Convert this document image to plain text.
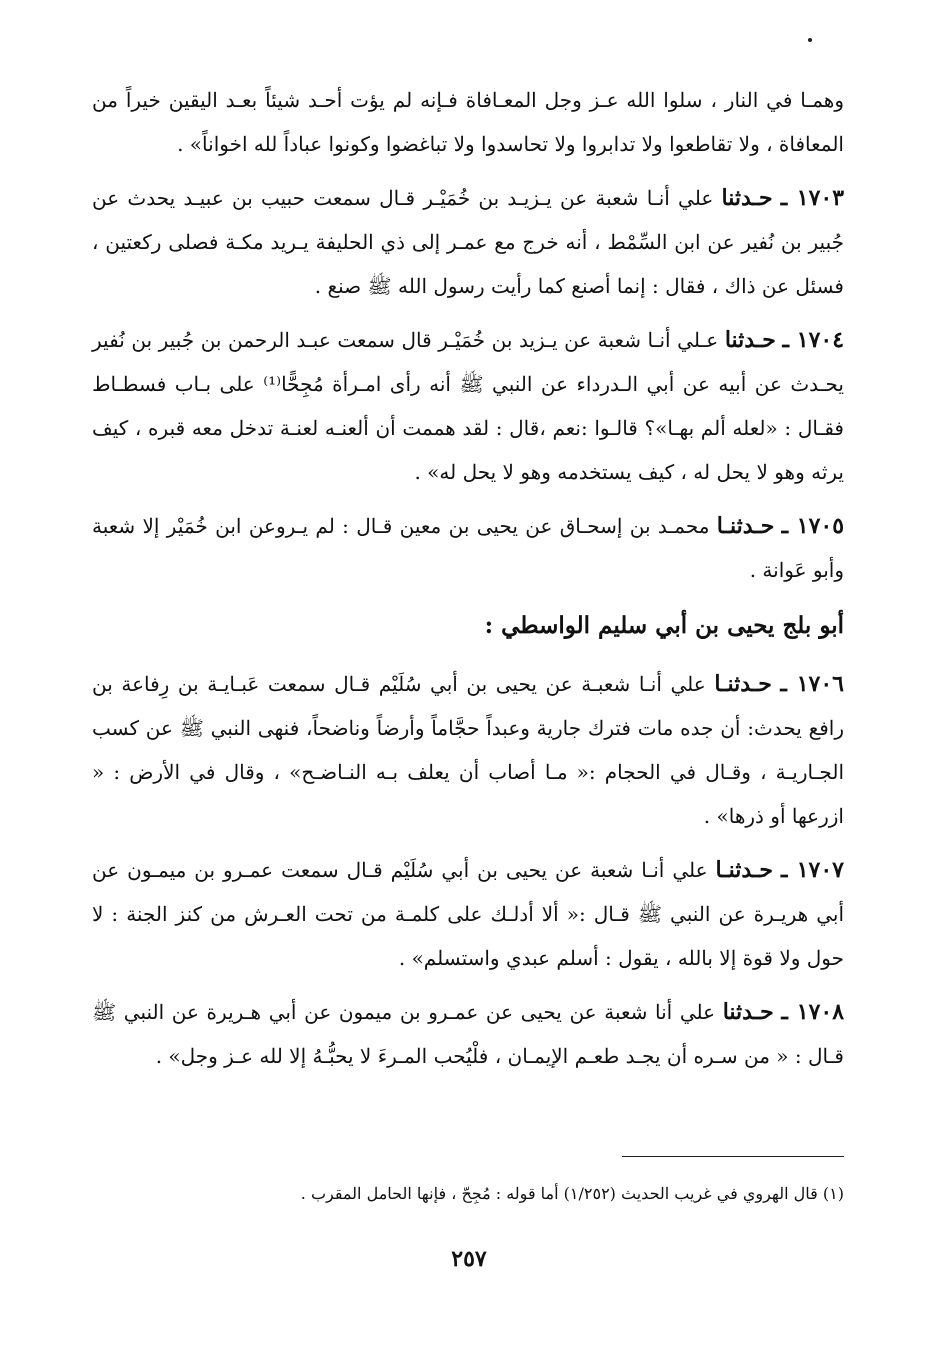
وهمـا في النار ، سلوا الله عـز وجل المعـافاة فـإنه لم يؤت أحـد شيئاً بعـد اليقين خيراً من المعافاة ، ولا تقاطعوا ولا تدابروا ولا تحاسدوا ولا تباغضوا وكونوا عباداً لله اخواناً» .

١٧٠٣ ـ حـدثنا علي أنـا شعبة عن يـزيـد بن خُمَيْـر قـال سمعت حبيب بن عبيـد يحدث عن جُبير بن نُفير عن ابن السِّمْط ، أنه خرج مع عمـر إلى ذي الحليفة يـريد مكـة فصلى ركعتين ، فسئل عن ذاك ، فقال : إنما أصنع كما رأيت رسول الله ﷺ صنع .

١٧٠٤ ـ حـدثنا عـلي أنـا شعبة عن يـزيد بن خُمَيْـر قال سمعت عبـد الرحمن بن جُبير بن نُفير يحـدث عن أبيه عن أبي الـدرداء عن النبي ﷺ أنه رأى امـرأة مُجِحًّا⁽¹⁾ على بـاب فسطـاط فقـال : «لعله ألم بهـا»؟ قالـوا :نعم ،قال : لقد هممت أن ألعنـه لعنـة تدخل معه قبره ، كيف يرثه وهو لا يحل له ، كيف يستخدمه وهو لا يحل له» .

١٧٠٥ ـ حـدثنـا محمـد بن إسحـاق عن يحيى بن معين قـال : لم يـروعن ابن خُمَيْر إلا شعبة وأبو عَوانة .

أبو بلج يحيى بن أبي سليم الواسطي :

١٧٠٦ ـ حـدثنـا علي أنـا شعبـة عن يحيى بن أبي سُلَيْم قـال سمعت عَبـايـة بن رِفاعة بن رافع يحدث: أن جده مات فترك جارية وعبداً حجَّاماً وأرضاً وناضحاً، فنهى النبي ﷺ عن كسب الجـاريـة ، وقـال في الحجام :« مـا أصاب أن يعلف بـه النـاضـح» ، وقال في الأرض : « ازرعها أو ذرها» .

١٧٠٧ ـ حـدثنـا علي أنـا شعبة عن يحيى بن أبي سُلَيْم قـال سمعت عمـرو بن ميمـون عن أبي هريـرة عن النبي ﷺ قـال :« ألا أدلـك على كلمـة من تحت العـرش من كنز الجنة : لا حول ولا قوة إلا بالله ، يقول : أسلم عبدي واستسلم» .

١٧٠٨ ـ حـدثنا علي أنا شعبة عن يحيى عن عمـرو بن ميمون عن أبي هـريرة عن النبي ﷺ قـال : « من سـره أن يجـد طعـم الإيمـان ، فلْيُحب المـرءَ لا يحبُّـهُ إلا لله عـز وجل» .

(١) قال الهروي في غريب الحديث (١/٢٥٢) أما قوله : مُجِحّ ، فإنها الحامل المقرب .
٢٥٧
